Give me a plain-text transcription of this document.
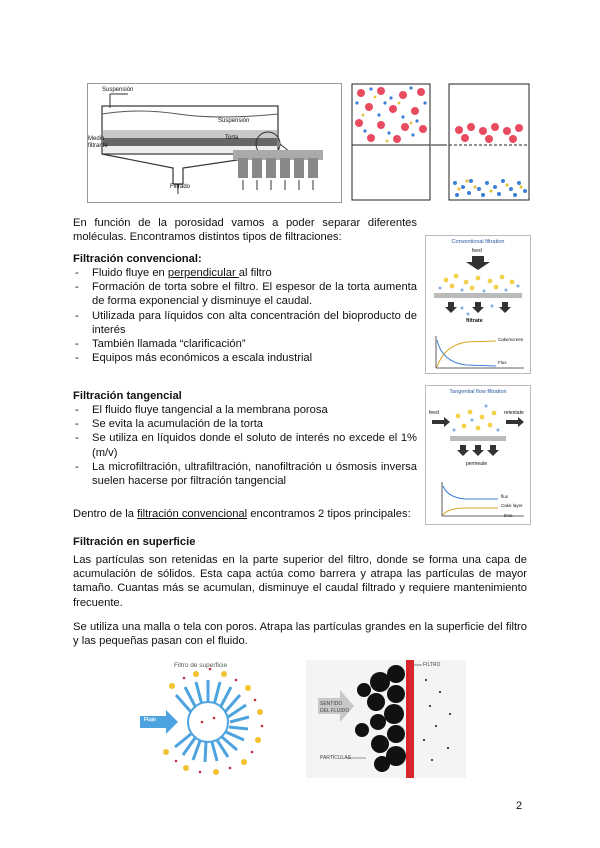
Suspensión
Suspensión
Torta
Medio
filtrante
Filtrado
En función de la porosidad vamos a poder separar diferentes moléculas. Encontramos distintos tipos de filtraciones:
Filtración convencional:
- Fluido fluye en perpendicular al filtro
- Formación de torta sobre el filtro. El espesor de la torta aumenta de forma exponencial y disminuye el caudal.
- Utilizada para líquidos con alta concentración del bioproducto de interés
- También llamada “clarificación”
- Equipos más económicos a escala industrial
Conventional filtration
feed
filtrate
Cake/screen
Flux
Filtración tangencial
- El fluido fluye tangencial a la membrana porosa
- Se evita la acumulación de la torta
- Se utiliza en líquidos donde el soluto de interés no excede el 1% (m/v)
- La microfiltración, ultrafiltración, nanofiltración u ósmosis inversa suelen hacerse por filtración tangencial
Tangential flow filtration
feed	retentate
permeate
flux
Cake layer
time
Dentro de la filtración convencional encontramos 2 tipos principales:
Filtración en superficie
Las partículas son retenidas en la parte superior del filtro, donde se forma una capa de acumulación de sólidos. Esta capa actúa como barrera y atrapa las partículas de mayor tamaño. Cuantas más se acumulan, disminuye el caudal filtrado y requiere mantenimiento frecuente.
Se utiliza una malla o tela con poros. Atrapa las partículas grandes en la superficie del filtro y las pequeñas pasan con el fluido.
Filtro de superficie
Flujo
SENTIDO
DEL FLUIDO
FILTRO
PARTÍCULAS
2
